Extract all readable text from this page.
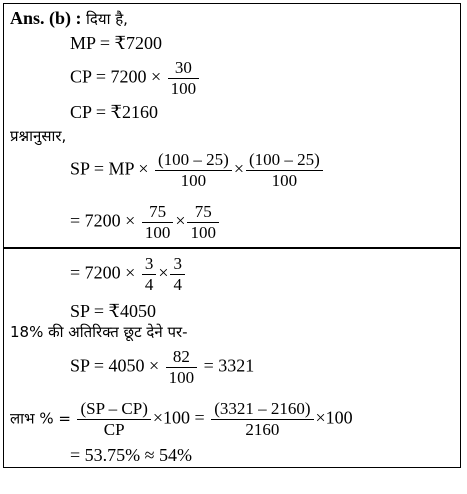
Ans. (b) : दिया है,
MP = ₹7200
CP = $7200 \times \frac{30}{100}$
CP = ₹2160
प्रश्नानुसार,
SP = MP × $\frac{(100 - 25)}{100} \times \frac{(100 - 25)}{100}$
= $7200 \times \frac{75}{100} \times \frac{75}{100}$
= $7200 \times \frac{3}{4} \times \frac{3}{4}$
SP = ₹4050
18% की अतिरिक्त छूट देने पर-
SP = $4050 \times \frac{82}{100} = 3321$
लाभ % = $\frac{(SP - CP)}{CP} \times 100 = \frac{(3321 - 2160)}{2160} \times 100$
= 53.75% ≈ 54%
